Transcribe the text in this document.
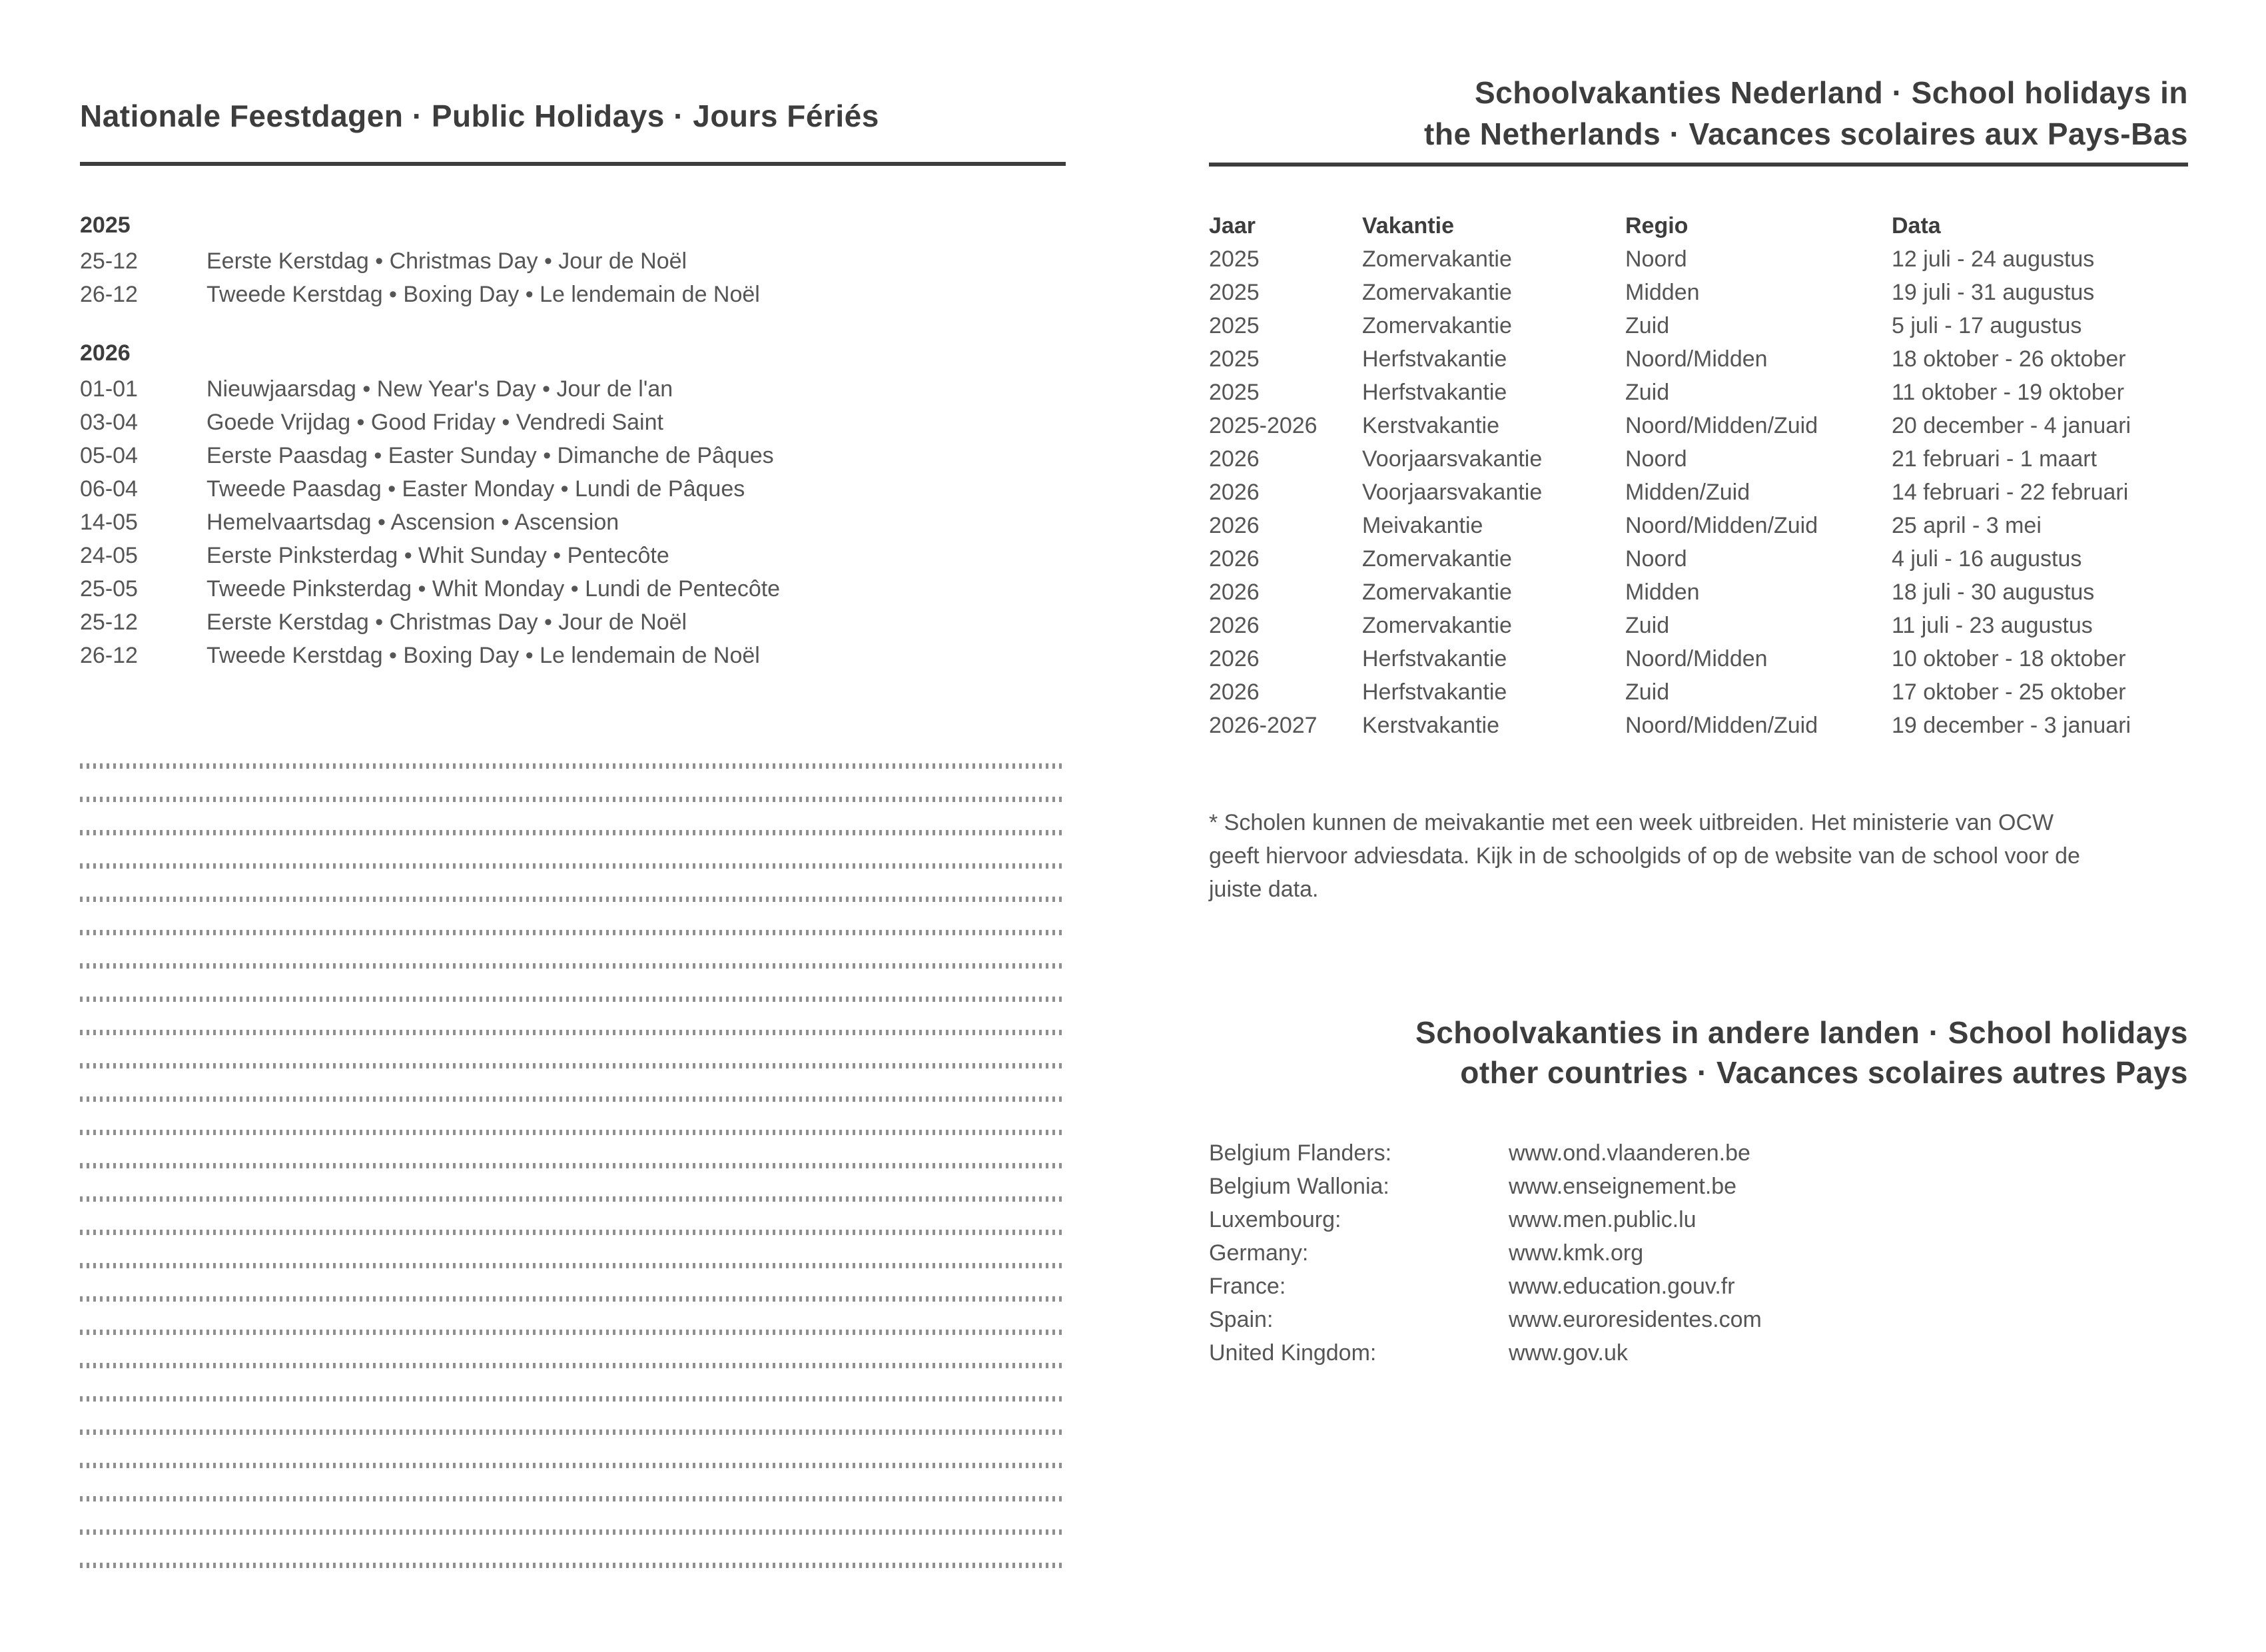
Nationale Feestdagen · Public Holidays · Jours Fériés
2025
25-12	Eerste Kerstdag • Christmas Day • Jour de Noël
26-12	Tweede Kerstdag • Boxing Day • Le lendemain de Noël
2026
01-01	Nieuwjaarsdag • New Year's Day • Jour de l'an
03-04	Goede Vrijdag • Good Friday • Vendredi Saint
05-04	Eerste Paasdag • Easter Sunday • Dimanche de Pâques
06-04	Tweede Paasdag • Easter Monday • Lundi de Pâques
14-05	Hemelvaartsdag • Ascension • Ascension
24-05	Eerste Pinksterdag • Whit Sunday • Pentecôte
25-05	Tweede Pinksterdag • Whit Monday • Lundi de Pentecôte
25-12	Eerste Kerstdag • Christmas Day • Jour de Noël
26-12	Tweede Kerstdag • Boxing Day • Le lendemain de Noël
Schoolvakanties Nederland · School holidays in
the Netherlands · Vacances scolaires aux Pays-Bas
Jaar	Vakantie	Regio	Data
2025	Zomervakantie	Noord	12 juli - 24 augustus
2025	Zomervakantie	Midden	19 juli - 31 augustus
2025	Zomervakantie	Zuid	5 juli - 17 augustus
2025	Herfstvakantie	Noord/Midden	18 oktober - 26 oktober
2025	Herfstvakantie	Zuid	11 oktober - 19 oktober
2025-2026	Kerstvakantie	Noord/Midden/Zuid	20 december - 4 januari
2026	Voorjaarsvakantie	Noord	21 februari - 1 maart
2026	Voorjaarsvakantie	Midden/Zuid	14 februari - 22 februari
2026	Meivakantie	Noord/Midden/Zuid	25 april - 3 mei
2026	Zomervakantie	Noord	4 juli - 16 augustus
2026	Zomervakantie	Midden	18 juli - 30 augustus
2026	Zomervakantie	Zuid	11 juli - 23 augustus
2026	Herfstvakantie	Noord/Midden	10 oktober - 18 oktober
2026	Herfstvakantie	Zuid	17 oktober - 25 oktober
2026-2027	Kerstvakantie	Noord/Midden/Zuid	19 december - 3 januari
* Scholen kunnen de meivakantie met een week uitbreiden. Het ministerie van OCW
geeft hiervoor adviesdata. Kijk in de schoolgids of op de website van de school voor de
juiste data.
Schoolvakanties in andere landen · School holidays
other countries · Vacances scolaires autres Pays
Belgium Flanders:	www.ond.vlaanderen.be
Belgium Wallonia:	www.enseignement.be
Luxembourg:	www.men.public.lu
Germany:	www.kmk.org
France:	www.education.gouv.fr
Spain:	www.euroresidentes.com
United Kingdom:	www.gov.uk
